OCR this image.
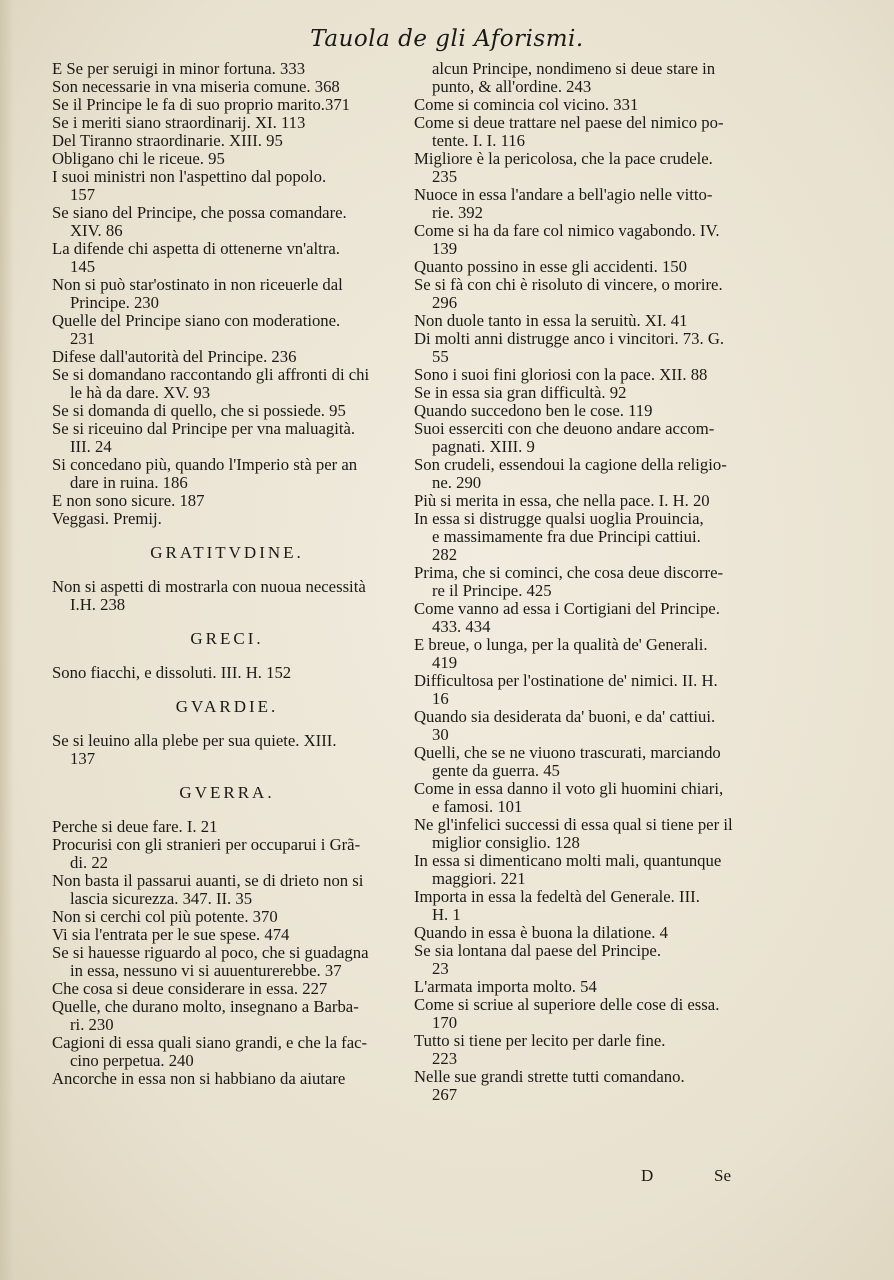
Tauola de gli Aforismi.
E Se per seruigi in minor fortuna. 333
Son necessarie in vna miseria comune. 368
Se il Principe le fa di suo proprio marito.371
Se i meriti siano straordinarij. XI. 113
Del Tiranno straordinarie. XIII. 95
Obligano chi le riceue. 95
I suoi ministri non l'aspettino dal popolo.
157
Se siano del Principe, che possa comandare.
XIV. 86
La difende chi aspetta di ottenerne vn'altra.
145
Non si può star'ostinato in non riceuerle dal
Principe. 230
Quelle del Principe siano con moderatione.
231
Difese dall'autorità del Principe. 236
Se si domandano raccontando gli affronti di chi
le hà da dare. XV. 93
Se si domanda di quello, che si possiede. 95
Se si riceuino dal Principe per vna maluagità.
III. 24
Si concedano più, quando l'Imperio stà per an
dare in ruina. 186
E non sono sicure. 187
Veggasi. Premij.
GRATITVDINE.
Non si aspetti di mostrarla con nuoua necessità
I.H. 238
GRECI.
Sono fiacchi, e dissoluti. III. H. 152
GVARDIE.
Se si leuino alla plebe per sua quiete. XIII.
137
GVERRA.
Perche si deue fare. I. 21
Procurisi con gli stranieri per occuparui i Grã-
di. 22
Non basta il passarui auanti, se di drieto non si
lascia sicurezza. 347. II. 35
Non si cerchi col più potente. 370
Vi sia l'entrata per le sue spese. 474
Se si hauesse riguardo al poco, che si guadagna
in essa, nessuno vi si auuenturerebbe. 37
Che cosa si deue considerare in essa. 227
Quelle, che durano molto, insegnano a Barba-
ri. 230
Cagioni di essa quali siano grandi, e che la fac-
cino perpetua. 240
Ancorche in essa non si habbiano da aiutare
alcun Principe, nondimeno si deue stare in
punto, & all'ordine. 243
Come si comincia col vicino. 331
Come si deue trattare nel paese del nimico po-
tente. I. I. 116
Migliore è la pericolosa, che la pace crudele.
235
Nuoce in essa l'andare a bell'agio nelle vitto-
rie. 392
Come si ha da fare col nimico vagabondo. IV.
139
Quanto possino in esse gli accidenti. 150
Se si fà con chi è risoluto di vincere, o morire.
296
Non duole tanto in essa la seruitù. XI. 41
Di molti anni distrugge anco i vincitori. 73. G.
55
Sono i suoi fini gloriosi con la pace. XII. 88
Se in essa sia gran difficultà. 92
Quando succedono ben le cose. 119
Suoi esserciti con che deuono andare accom-
pagnati. XIII. 9
Son crudeli, essendoui la cagione della religio-
ne. 290
Più si merita in essa, che nella pace. I. H. 20
In essa si distrugge qualsi uoglia Prouincia,
e massimamente fra due Principi cattiui.
282
Prima, che si cominci, che cosa deue discorre-
re il Principe. 425
Come vanno ad essa i Cortigiani del Principe.
433. 434
E breue, o lunga, per la qualità de' Generali.
419
Difficultosa per l'ostinatione de' nimici. II. H.
16
Quando sia desiderata da' buoni, e da' cattiui.
30
Quelli, che se ne viuono trascurati, marciando
gente da guerra. 45
Come in essa danno il voto gli huomini chiari,
e famosi. 101
Ne gl'infelici successi di essa qual si tiene per il
miglior consiglio. 128
In essa si dimenticano molti mali, quantunque
maggiori. 221
Importa in essa la fedeltà del Generale. III.
H. 1
Quando in essa è buona la dilatione. 4
Se sia lontana dal paese del Principe.
23
L'armata importa molto. 54
Come si scriue al superiore delle cose di essa.
170
Tutto si tiene per lecito per darle fine.
223
Nelle sue grandi strette tutti comandano.
267
D	Se
